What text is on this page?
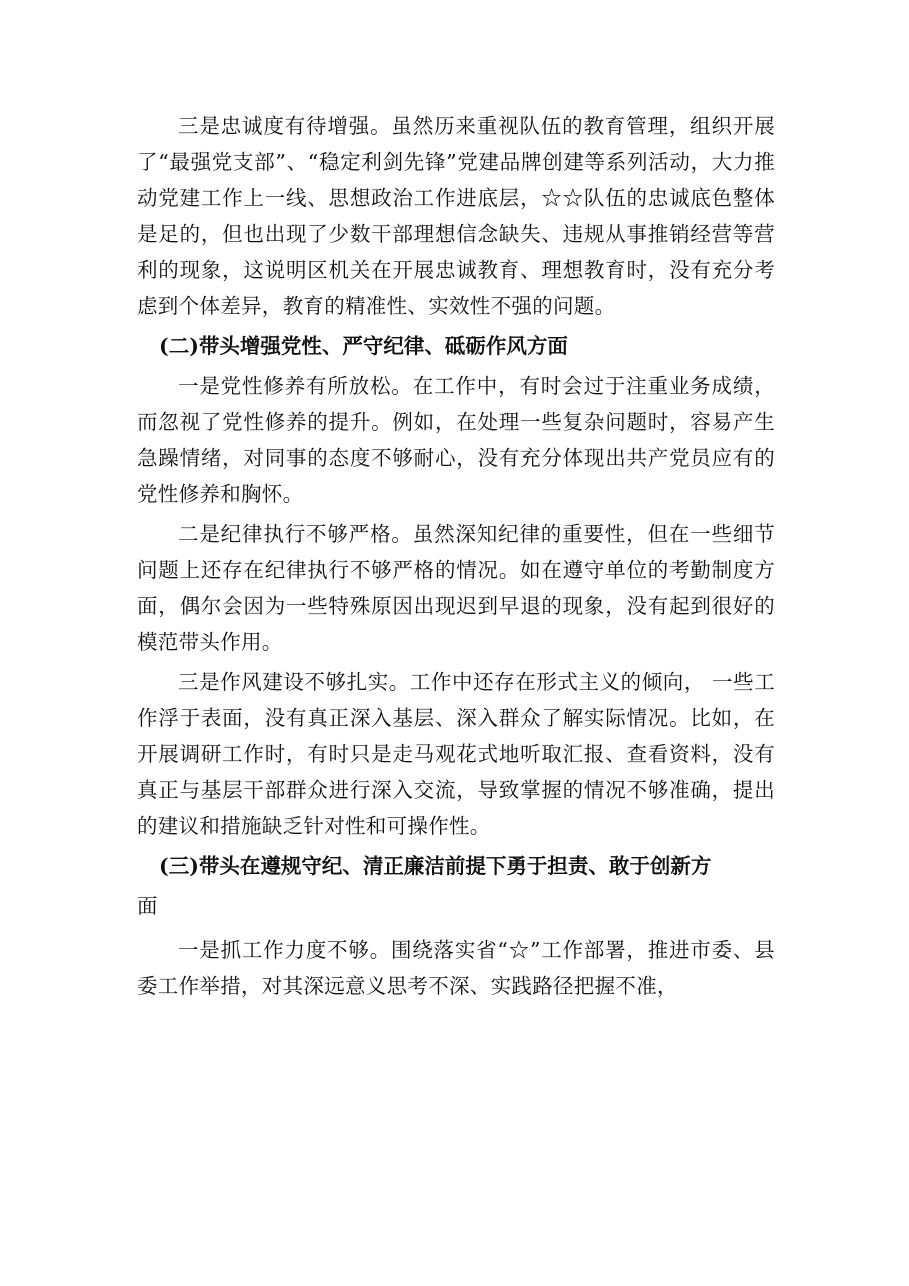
三是忠诚度有待增强。虽然历来重视队伍的教育管理，组织开展了“最强党支部”、“稳定利剑先锋”党建品牌创建等系列活动，大力推动党建工作上一线、思想政治工作进底层，☆☆队伍的忠诚底色整体是足的，但也出现了少数干部理想信念缺失、违规从事推销经营等营利的现象，这说明区机关在开展忠诚教育、理想教育时，没有充分考虑到个体差异，教育的精准性、实效性不强的问题。

(二)带头增强党性、严守纪律、砥砺作风方面

一是党性修养有所放松。在工作中，有时会过于注重业务成绩，而忽视了党性修养的提升。例如，在处理一些复杂问题时，容易产生急躁情绪，对同事的态度不够耐心，没有充分体现出共产党员应有的党性修养和胸怀。

二是纪律执行不够严格。虽然深知纪律的重要性，但在一些细节问题上还存在纪律执行不够严格的情况。如在遵守单位的考勤制度方面，偶尔会因为一些特殊原因出现迟到早退的现象，没有起到很好的模范带头作用。

三是作风建设不够扎实。工作中还存在形式主义的倾向， 一些工作浮于表面，没有真正深入基层、深入群众了解实际情况。比如，在开展调研工作时，有时只是走马观花式地听取汇报、查看资料，没有真正与基层干部群众进行深入交流，导致掌握的情况不够准确，提出的建议和措施缺乏针对性和可操作性。

(三)带头在遵规守纪、清正廉洁前提下勇于担责、敢于创新方

面

一是抓工作力度不够。围绕落实省“☆”工作部署，推进市委、县委工作举措，对其深远意义思考不深、实践路径把握不准，
